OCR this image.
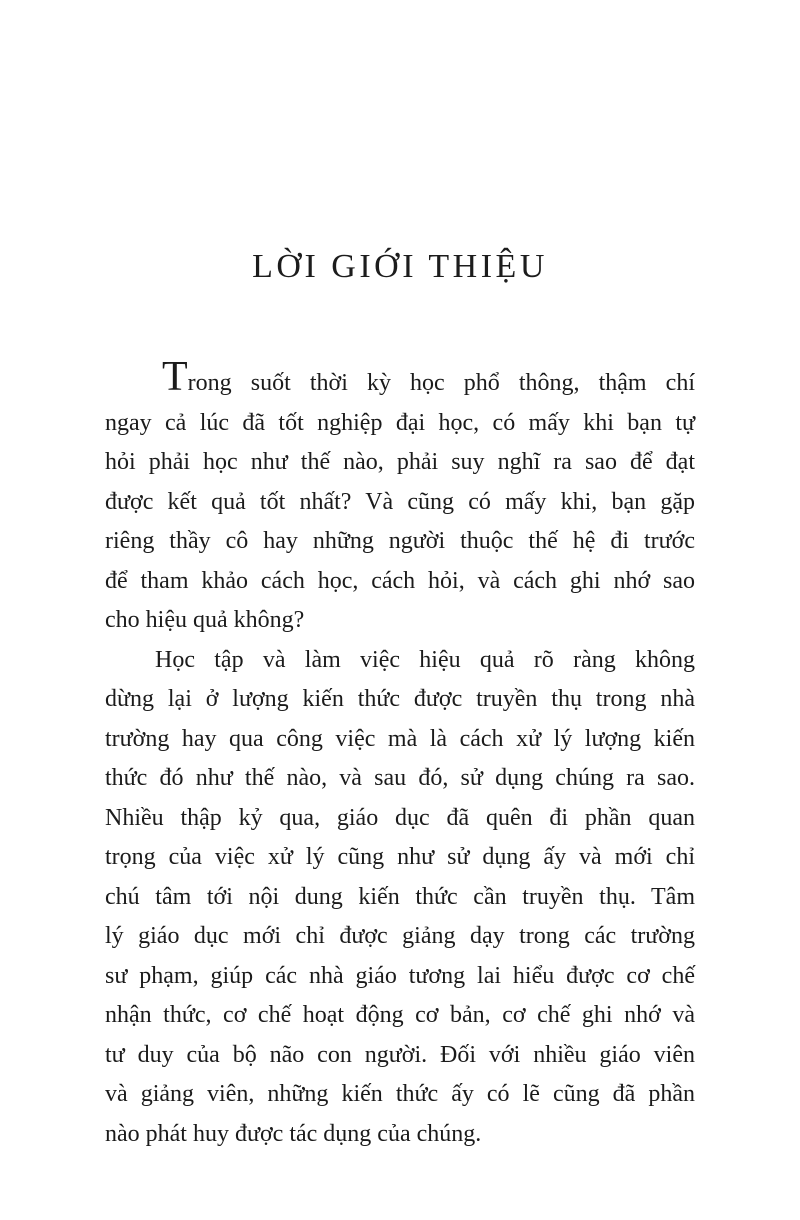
LỜI GIỚI THIỆU
Trong suốt thời kỳ học phổ thông, thậm chí
ngay cả lúc đã tốt nghiệp đại học, có mấy khi bạn tự
hỏi phải học như thế nào, phải suy nghĩ ra sao để đạt
được kết quả tốt nhất? Và cũng có mấy khi, bạn gặp
riêng thầy cô hay những người thuộc thế hệ đi trước
để tham khảo cách học, cách hỏi, và cách ghi nhớ sao
cho hiệu quả không?
Học tập và làm việc hiệu quả rõ ràng không
dừng lại ở lượng kiến thức được truyền thụ trong nhà
trường hay qua công việc mà là cách xử lý lượng kiến
thức đó như thế nào, và sau đó, sử dụng chúng ra sao.
Nhiều thập kỷ qua, giáo dục đã quên đi phần quan
trọng của việc xử lý cũng như sử dụng ấy và mới chỉ
chú tâm tới nội dung kiến thức cần truyền thụ. Tâm
lý giáo dục mới chỉ được giảng dạy trong các trường
sư phạm, giúp các nhà giáo tương lai hiểu được cơ chế
nhận thức, cơ chế hoạt động cơ bản, cơ chế ghi nhớ và
tư duy của bộ não con người. Đối với nhiều giáo viên
và giảng viên, những kiến thức ấy có lẽ cũng đã phần
nào phát huy được tác dụng của chúng.
